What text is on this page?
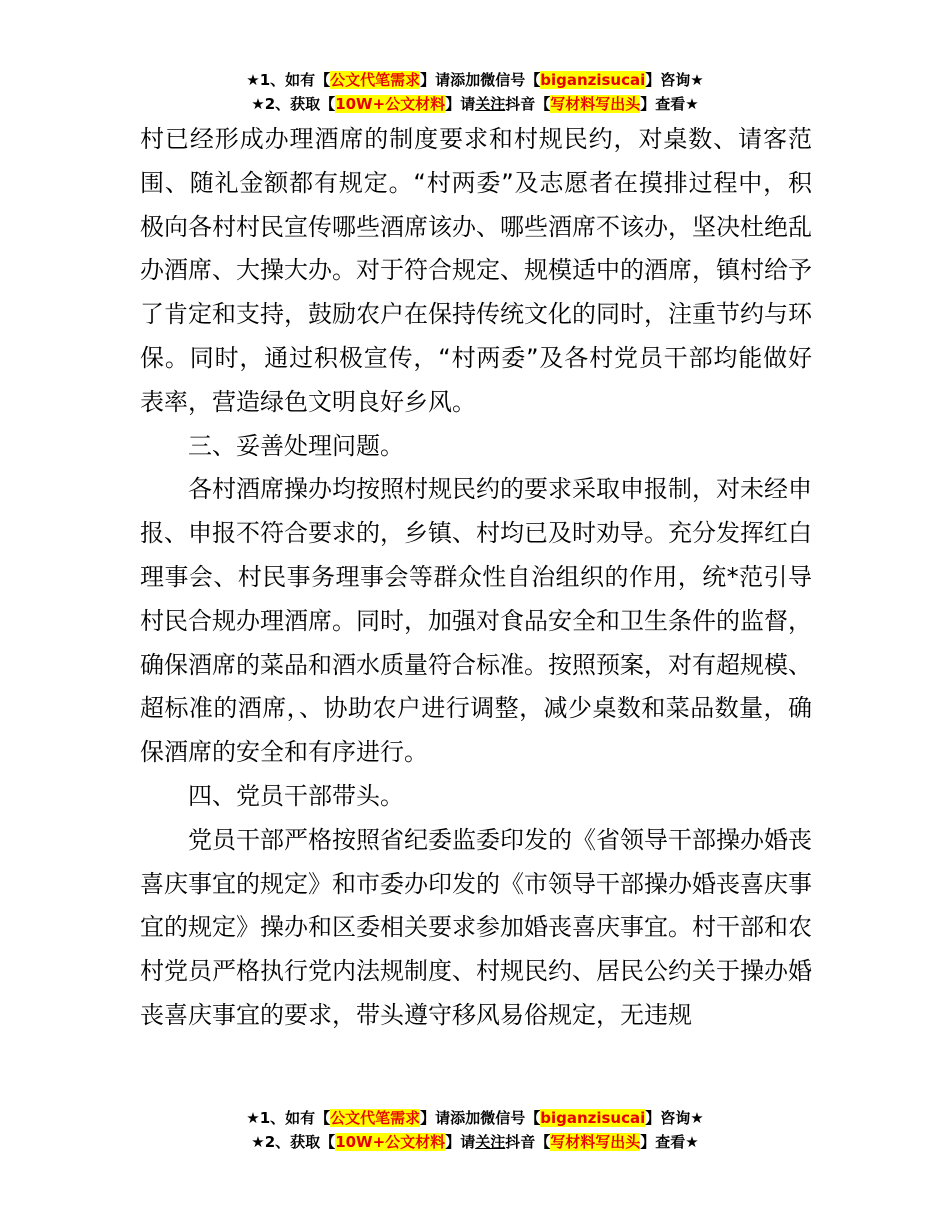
★1、如有【公文代笔需求】请添加微信号【biganzisucai】咨询★
★2、获取【10W+公文材料】请关注抖音【写材料写出头】查看★

村已经形成办理酒席的制度要求和村规民约，对桌数、请客范围、随礼金额都有规定。“村两委”及志愿者在摸排过程中，积极向各村村民宣传哪些酒席该办、哪些酒席不该办，坚决杜绝乱办酒席、大操大办。对于符合规定、规模适中的酒席，镇村给予了肯定和支持，鼓励农户在保持传统文化的同时，注重节约与环保。同时，通过积极宣传，“村两委”及各村党员干部均能做好表率，营造绿色文明良好乡风。

三、妥善处理问题。

各村酒席操办均按照村规民约的要求采取申报制，对未经申报、申报不符合要求的，乡镇、村均已及时劝导。充分发挥红白理事会、村民事务理事会等群众性自治组织的作用，统*范引导村民合规办理酒席。同时，加强对食品安全和卫生条件的监督，确保酒席的菜品和酒水质量符合标准。按照预案，对有超规模、超标准的酒席，、协助农户进行调整，减少桌数和菜品数量，确保酒席的安全和有序进行。

四、党员干部带头。

党员干部严格按照省纪委监委印发的《省领导干部操办婚丧喜庆事宜的规定》和市委办印发的《市领导干部操办婚丧喜庆事宜的规定》操办和区委相关要求参加婚丧喜庆事宜。村干部和农村党员严格执行党内法规制度、村规民约、居民公约关于操办婚丧喜庆事宜的要求，带头遵守移风易俗规定，无违规

★1、如有【公文代笔需求】请添加微信号【biganzisucai】咨询★
★2、获取【10W+公文材料】请关注抖音【写材料写出头】查看★
